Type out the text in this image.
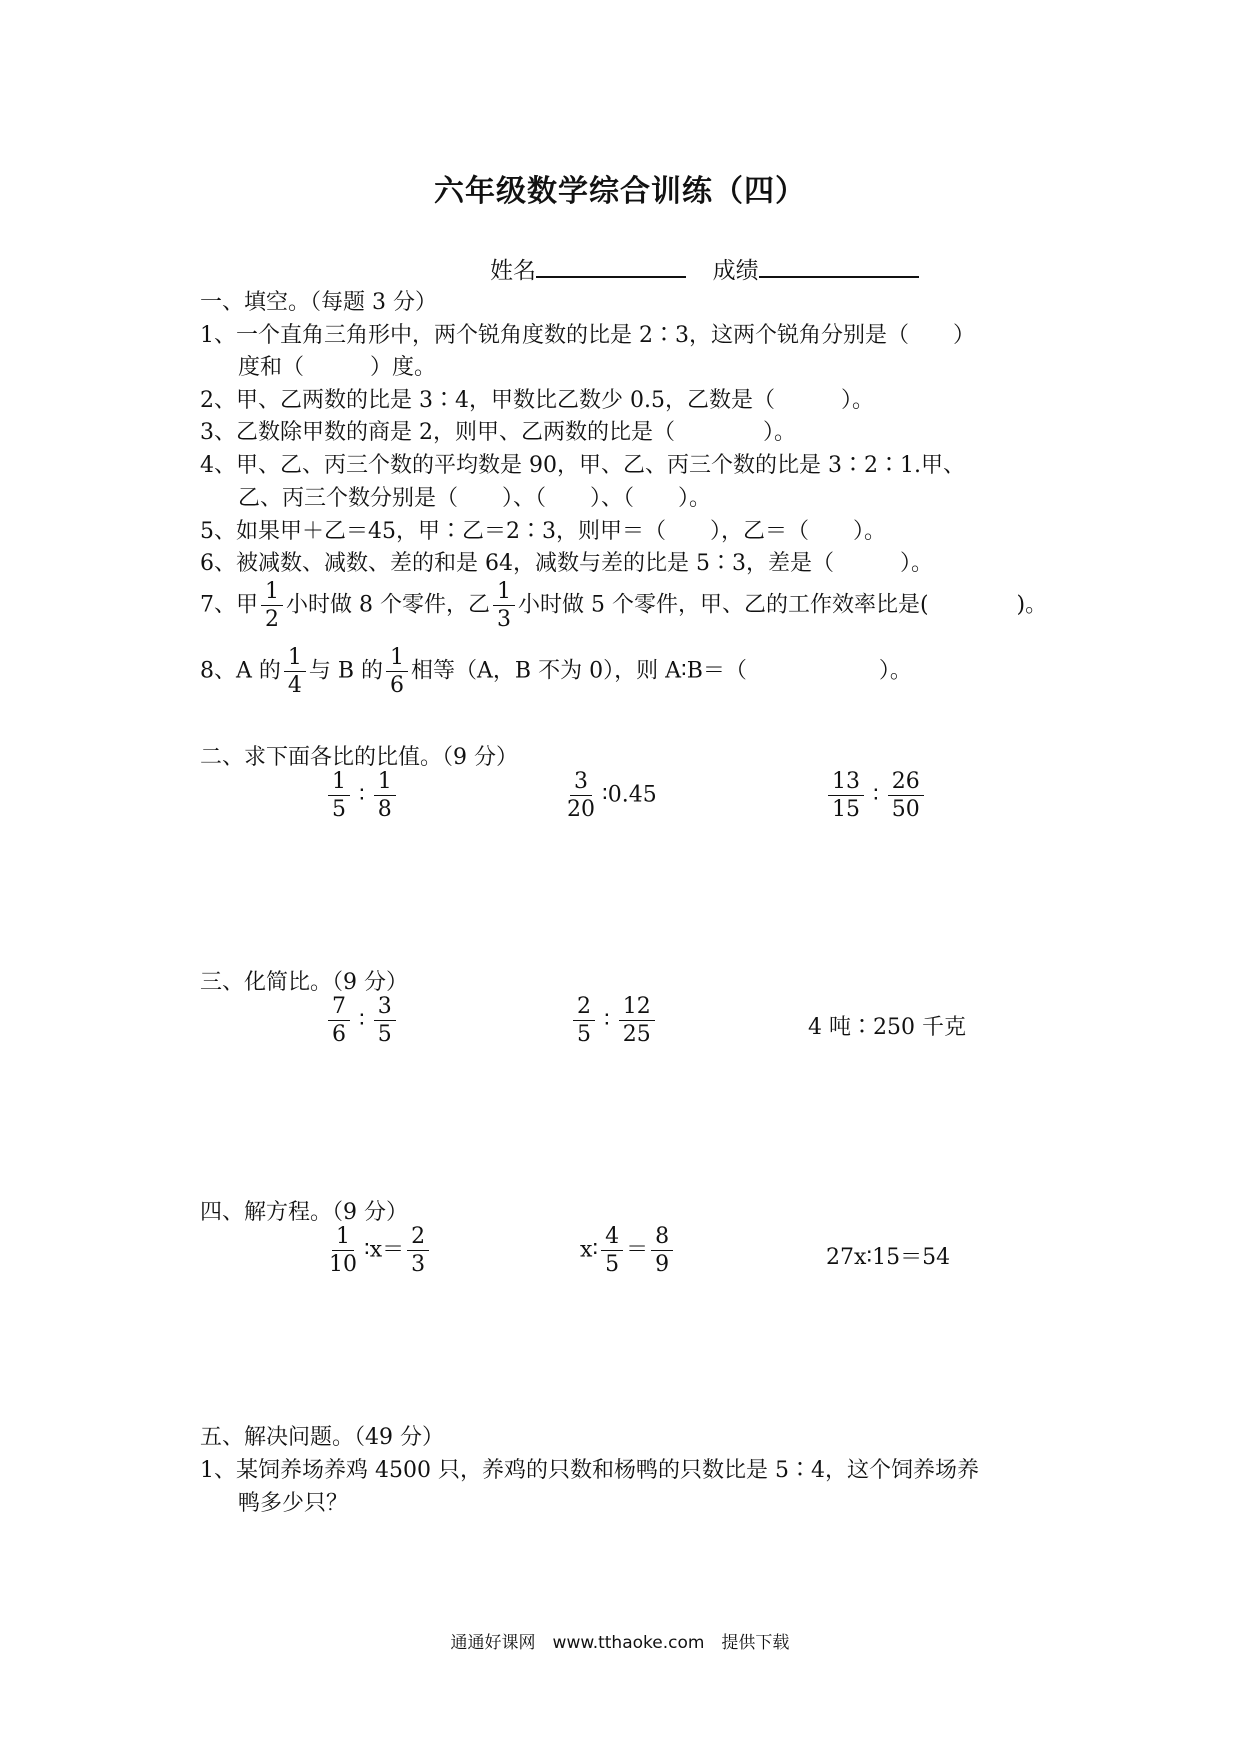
六年级数学综合训练（四）
姓名	成绩
一、填空。（每题 3 分）
1、一个直角三角形中，两个锐角度数的比是 2∶3，这两个锐角分别是（　　）
度和（　　　）度。
2、甲、乙两数的比是 3∶4，甲数比乙数少 0.5，乙数是（　　　）。
3、乙数除甲数的商是 2，则甲、乙两数的比是（　　　　）。
4、甲、乙、丙三个数的平均数是 90，甲、乙、丙三个数的比是 3∶2∶1.甲、
乙、丙三个数分别是（　　）、（　　）、（　　）。
5、如果甲＋乙＝45，甲∶乙＝2∶3，则甲＝（　　），乙＝（　　）。
6、被减数、减数、差的和是 64，减数与差的比是 5∶3，差是（　　　）。
7、甲 $\frac{1}{2}$ 小时做 8 个零件，乙 $\frac{1}{3}$ 小时做 5 个零件，甲、乙的工作效率比是(　　　　)。
8、A 的 $\frac{1}{4}$ 与 B 的 $\frac{1}{6}$ 相等（A，B 不为 0），则 A∶B＝（　　　　　　）。
二、求下面各比的比值。（9 分）
$\frac{1}{5}$ ∶ $\frac{1}{8}$	$\frac{3}{20}$ ∶0.45	$\frac{13}{15}$ ∶ $\frac{26}{50}$
三、化简比。（9 分）
$\frac{7}{6}$ ∶ $\frac{3}{5}$	$\frac{2}{5}$ ∶ $\frac{12}{25}$	4 吨∶250 千克
四、解方程。（9 分）
$\frac{1}{10}$ ∶x＝ $\frac{2}{3}$	x∶ $\frac{4}{5} = \frac{8}{9}$	27x∶15＝54
五、解决问题。（49 分）
1、某饲养场养鸡 4500 只，养鸡的只数和杨鸭的只数比是 5∶4，这个饲养场养
鸭多少只？
通通好课网　www.tthaoke.com　提供下载
